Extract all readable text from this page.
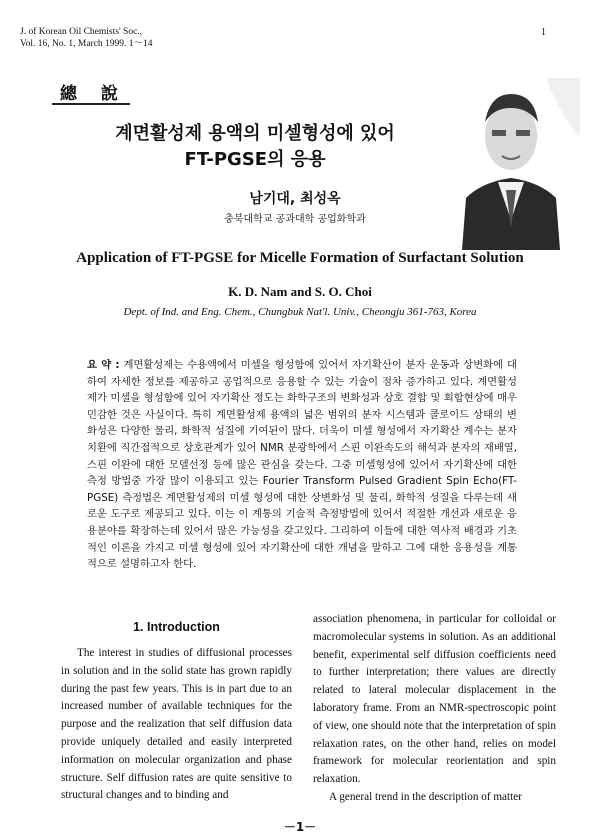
J. of Korean Oil Chemists' Soc.,
Vol. 16, No. 1, March 1999. 1～14
1
總 說
계면활성제 용액의 미셀형성에 있어
FT-PGSE의 응용
남기대, 최성옥
충북대학교 공과대학 공업화학과
Application of FT-PGSE for Micelle Formation of Surfactant Solution
K. D. Nam and S. O. Choi
Dept. of Ind. and Eng. Chem., Chungbuk Nat'l. Univ., Cheongju 361-763, Korea
요 약 : 계면활성제는 수용액에서 미셀을 형성함에 있어서 자기확산이 분자 운동과 상변화에 대하여 자세한 정보를 제공하고 공업적으로 응용할 수 있는 기술이 점차 증가하고 있다. 계면활성제가 미셀을 형성함에 있어 자기확산 정도는 화학구조의 변화성과 상호 결합 및 회합현상에 매우 민감한 것은 사실이다. 특히 계면활성제 용액의 넓은 범위의 분자 시스템과 콜로이드 상태의 변화성은 다양한 물리, 화학적 성질에 기여된이 많다. 더욱이 미셀 형성에서 자기확산 계수는 분자 치환에 직간접적으로 상호관계가 있어 NMR 분광학에서 스핀 이완속도의 해석과 분자의 재배열, 스핀 이완에 대한 모델선정 등에 많은 관심을 갖는다. 그중 미셀형성에 있어서 자기확산에 대한 측정 방법중 가장 많이 이용되고 있는 Fourier Transform Pulsed Gradient Spin Echo(FT-PGSE) 측정법은 계면활성제의 미셀 형성에 대한 상변화성 및 물리, 화학적 성질을 다루는데 새로운 도구로 제공되고 있다. 이는 이 계통의 기술적 측정방법에 있어서 적절한 개선과 새로운 응용분야를 확장하는데 있어서 많은 가능성을 갖고있다. 그리하여 이들에 대한 역사적 배경과 기초적인 이론을 가지고 미셀 형성에 있어 자기확산에 대한 개념을 말하고 그에 대한 응용성을 계통적으로 설명하고자 한다.
1. Introduction

The interest in studies of diffusional processes in solution and in the solid state has grown rapidly during the past few years. This is in part due to an increased number of available techniques for the purpose and the realization that self diffusion data provide uniquely detailed and easily interpreted information on molecular organization and phase structure. Self diffusion rates are quite sensitive to structural changes and to binding and

association phenomena, in particular for colloidal or macromolecular systems in solution. As an additional benefit, experimental self diffusion coefficients need to further interpretation; there values are directly related to lateral molecular displacement in the laboratory frame. From an NMR-spectroscopic point of view, one should note that the interpretation of spin relaxation rates, on the other hand, relies on model framework for molecular reorientation and spin relaxation.

A general trend in the description of matter

－1－
